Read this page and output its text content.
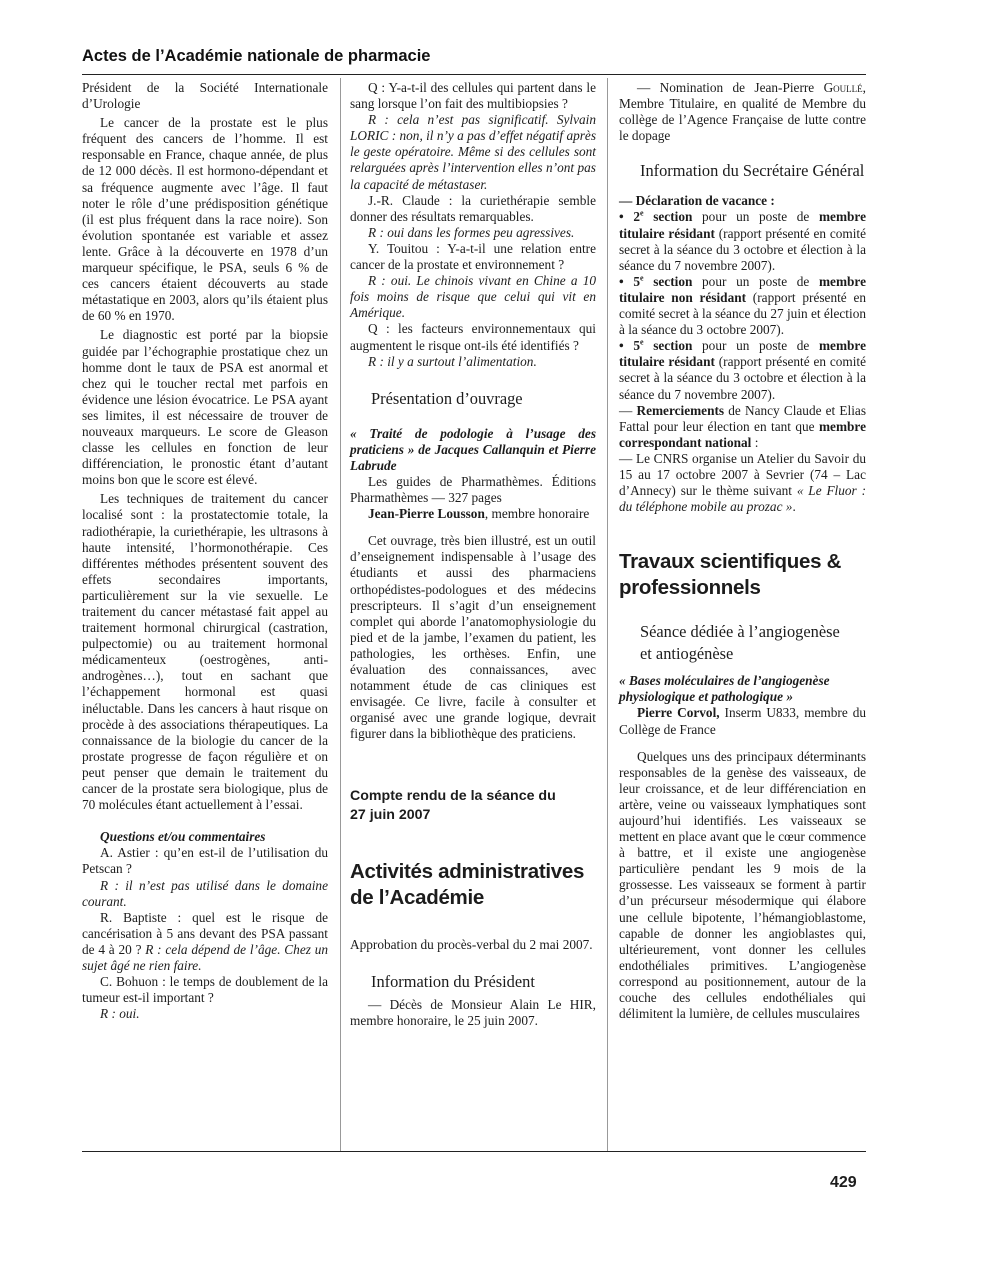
Actes de l’Académie nationale de pharmacie

Président de la Société Internationale d’Urologie

Le cancer de la prostate est le plus fréquent des cancers de l’homme. Il est responsable en France, chaque année, de plus de 12 000 décès. Il est hormono-dépendant et sa fréquence augmente avec l’âge. Il faut noter le rôle d’une prédisposition génétique (il est plus fréquent dans la race noire). Son évolution spontanée est variable et assez lente. Grâce à la découverte en 1978 d’un marqueur spécifique, le PSA, seuls 6 % de ces cancers étaient découverts au stade métastatique en 2003, alors qu’ils étaient plus de 60 % en 1970.

Le diagnostic est porté par la biopsie guidée par l’échographie prostatique chez un homme dont le taux de PSA est anormal et chez qui le toucher rectal met parfois en évidence une lésion évocatrice. Le PSA ayant ses limites, il est nécessaire de trouver de nouveaux marqueurs. Le score de Gleason classe les cellules en fonction de leur différenciation, le pronostic étant d’autant moins bon que le score est élevé.

Les techniques de traitement du cancer localisé sont : la prostatectomie totale, la radiothérapie, la curiethérapie, les ultrasons à haute intensité, l’hormonothérapie. Ces différentes méthodes présentent souvent des effets secondaires importants, particulièrement sur la vie sexuelle. Le traitement du cancer métastasé fait appel au traitement hormonal chirurgical (castration, pulpectomie) ou au traitement hormonal médicamenteux (oestrogènes, anti-androgènes…), tout en sachant que l’échappement hormonal est quasi inéluctable. Dans les cancers à haut risque on procède à des associations thérapeutiques. La connaissance de la biologie du cancer de la prostate progresse de façon régulière et on peut penser que demain le traitement du cancer de la prostate sera biologique, plus de 70 molécules étant actuellement à l’essai.

Questions et/ou commentaires

A. Astier : qu’en est-il de l’utilisation du Petscan ?

R : il n’est pas utilisé dans le domaine courant.

R. Baptiste : quel est le risque de cancérisation à 5 ans devant des PSA passant de 4 à 20 ? R : cela dépend de l’âge. Chez un sujet âgé ne rien faire.

C. Bohuon : le temps de doublement de la tumeur est-il important ?

R : oui.

Q : Y-a-t-il des cellules qui partent dans le sang lorsque l’on fait des multibiopsies ?

R : cela n’est pas significatif. Sylvain LORIC : non, il n’y a pas d’effet négatif après le geste opératoire. Même si des cellules sont relarguées après l’intervention elles n’ont pas la capacité de métastaser.

J.-R. Claude : la curiethérapie semble donner des résultats remarquables.

R : oui dans les formes peu agressives.

Y. Touitou : Y-a-t-il une relation entre cancer de la prostate et environnement ?

R : oui. Le chinois vivant en Chine a 10 fois moins de risque que celui qui vit en Amérique.

Q : les facteurs environnementaux qui augmentent le risque ont-ils été identifiés ?

R : il y a surtout l’alimentation.

Présentation d’ouvrage

« Traité de podologie à l’usage des praticiens » de Jacques Callanquin et Pierre Labrude

Les guides de Pharmathèmes. Éditions Pharmathèmes — 327 pages

Jean-Pierre Lousson, membre honoraire

Cet ouvrage, très bien illustré, est un outil d’enseignement indispensable à l’usage des étudiants et aussi des pharmaciens orthopédistes-podologues et des médecins prescripteurs. Il s’agit d’un enseignement complet qui aborde l’anatomophysiologie du pied et de la jambe, l’examen du patient, les pathologies, les orthèses. Enfin, une évaluation des connaissances, avec notamment étude de cas cliniques est envisagée. Ce livre, facile à consulter et organisé avec une grande logique, devrait figurer dans la bibliothèque des praticiens.

Compte rendu de la séance du 27 juin 2007
Activités administratives de l’Académie

Approbation du procès-verbal du 2 mai 2007.

Information du Président

— Décès de Monsieur Alain Le HIR, membre honoraire, le 25 juin 2007.

— Nomination de Jean-Pierre Goullé, Membre Titulaire, en qualité de Membre du collège de l’Agence Française de lutte contre le dopage

Information du Secrétaire Général

— Déclaration de vacance :

• 2e section pour un poste de membre titulaire résidant (rapport présenté en comité secret à la séance du 3 octobre et élection à la séance du 7 novembre 2007).

• 5e section pour un poste de membre titulaire non résidant (rapport présenté en comité secret à la séance du 27 juin et élection à la séance du 3 octobre 2007).

• 5e section pour un poste de membre titulaire résidant (rapport présenté en comité secret à la séance du 3 octobre et élection à la séance du 7 novembre 2007).

— Remerciements de Nancy Claude et Elias Fattal pour leur élection en tant que membre correspondant national :

— Le CNRS organise un Atelier du Savoir du 15 au 17 octobre 2007 à Sevrier (74 – Lac d’Annecy) sur le thème suivant « Le Fluor : du téléphone mobile au prozac ».

Travaux scientifiques & professionnels
Séance dédiée à l’angiogenèse et antiogénèse

« Bases moléculaires de l’angiogenèse physiologique et pathologique »

Pierre Corvol, Inserm U833, membre du Collège de France

Quelques uns des principaux déterminants responsables de la genèse des vaisseaux, de leur croissance, et de leur différenciation en artère, veine ou vaisseaux lymphatiques sont aujourd’hui identifiés. Les vaisseaux se mettent en place avant que le cœur commence à battre, et il existe une angiogenèse particulière pendant les 9 mois de la grossesse. Les vaisseaux se forment à partir d’un précurseur mésodermique qui élabore une cellule bipotente, l’hémangioblastome, capable de donner les angioblastes qui, ultérieurement, vont donner les cellules endothéliales primitives. L’angiogenèse correspond au positionnement, autour de la couche des cellules endothéliales qui délimitent la lumière, de cellules musculaires

429
